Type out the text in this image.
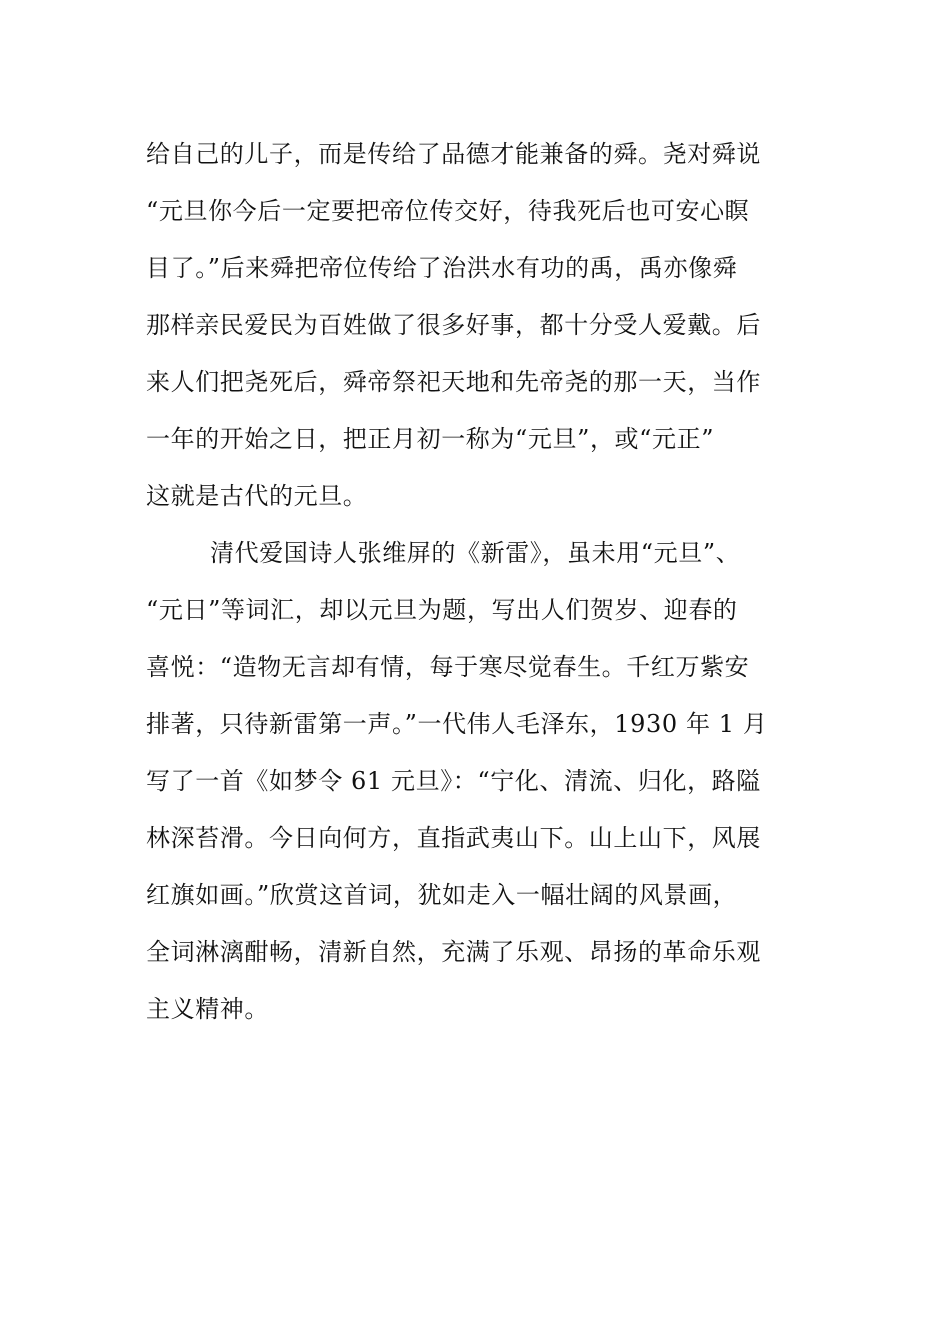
给自己的儿子，而是传给了品德才能兼备的舜。尧对舜说
“元旦你今后一定要把帝位传交好，待我死后也可安心瞑
目了。”后来舜把帝位传给了治洪水有功的禹，禹亦像舜
那样亲民爱民为百姓做了很多好事，都十分受人爱戴。后
来人们把尧死后，舜帝祭祀天地和先帝尧的那一天，当作
一年的开始之日，把正月初一称为“元旦”，或“元正”
这就是古代的元旦。
清代爱国诗人张维屏的《新雷》，虽未用“元旦”、
“元日”等词汇，却以元旦为题，写出人们贺岁、迎春的
喜悦：“造物无言却有情，每于寒尽觉春生。千红万紫安
排著，只待新雷第一声。”一代伟人毛泽东，1930 年 1 月
写了一首《如梦令 61 元旦》：“宁化、清流、归化，路隘
林深苔滑。今日向何方，直指武夷山下。山上山下，风展
红旗如画。”欣赏这首词，犹如走入一幅壮阔的风景画，
全词淋漓酣畅，清新自然，充满了乐观、昂扬的革命乐观
主义精神。
